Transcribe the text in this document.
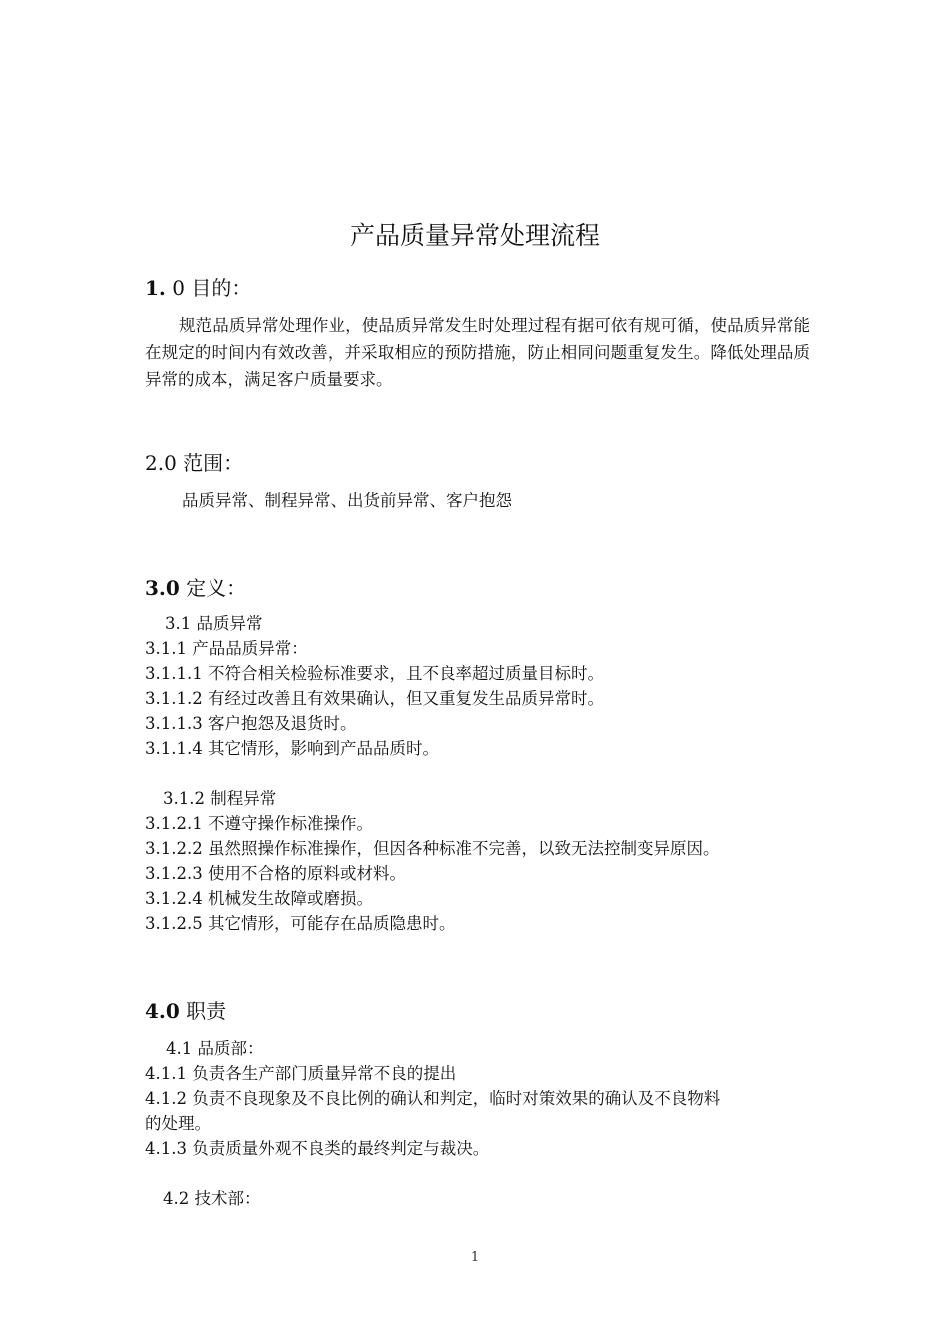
产品质量异常处理流程
1. 0 目的：
规范品质异常处理作业，使品质异常发生时处理过程有据可依有规可循，使品质异常能在规定的时间内有效改善，并采取相应的预防措施，防止相同问题重复发生。降低处理品质异常的成本，满足客户质量要求。
2.0 范围：
品质异常、制程异常、出货前异常、客户抱怨
3.0 定义：
3.1 品质异常
3.1.1 产品品质异常：
3.1.1.1 不符合相关检验标准要求，且不良率超过质量目标时。
3.1.1.2 有经过改善且有效果确认，但又重复发生品质异常时。
3.1.1.3 客户抱怨及退货时。
3.1.1.4 其它情形，影响到产品品质时。
3.1.2 制程异常
3.1.2.1 不遵守操作标准操作。
3.1.2.2 虽然照操作标准操作，但因各种标准不完善，以致无法控制变异原因。
3.1.2.3 使用不合格的原料或材料。
3.1.2.4 机械发生故障或磨损。
3.1.2.5 其它情形，可能存在品质隐患时。
4.0 职责
4.1 品质部：
4.1.1 负责各生产部门质量异常不良的提出
4.1.2 负责不良现象及不良比例的确认和判定，临时对策效果的确认及不良物料
的处理。
4.1.3 负责质量外观不良类的最终判定与裁决。
4.2 技术部：
1
